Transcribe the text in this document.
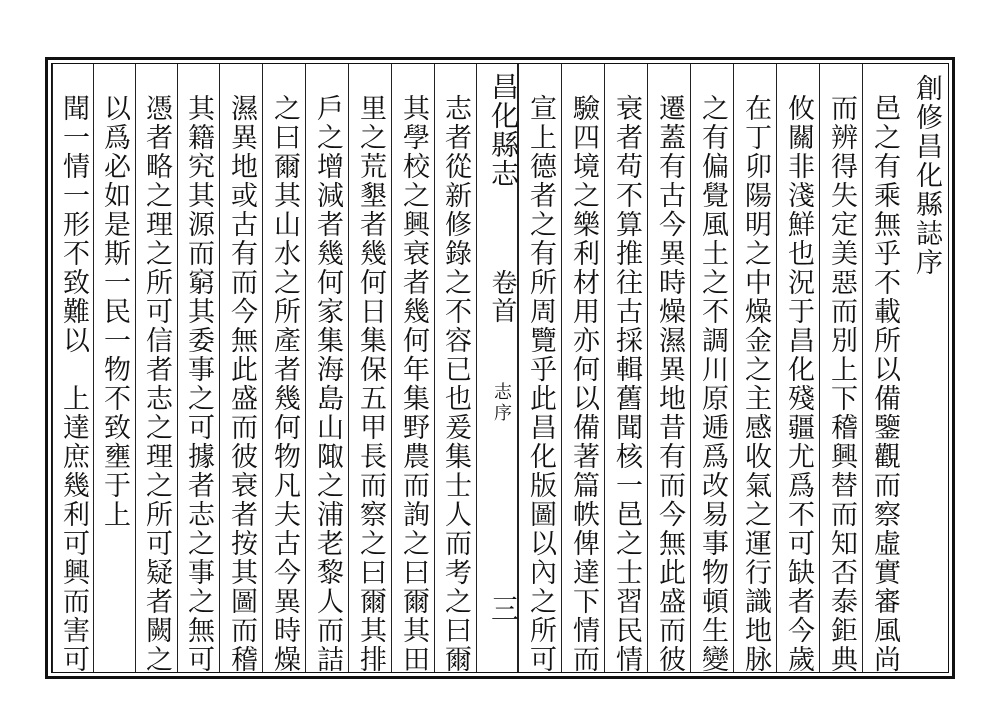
創修昌化縣誌序
邑之有乘無乎不載所以備鑒觀而察虛實審風尚
而辨得失定美惡而別上下稽興替而知否泰鉅典
攸關非淺鮮也況于昌化殘疆尤爲不可缺者今歲
在丁卯陽明之中燥金之主感收氣之運行識地脉
之有偏覺風土之不調川原逓爲改易事物頓生變
遷蓋有古今異時燥濕異地昔有而今無此盛而彼
衰者苟不算推往古採輯舊聞核一邑之士習民情
驗四境之樂利材用亦何以備著篇帙俾達下情而
宣上德者之有所周覽乎此昌化版圖以內之所可
昌化縣志
卷首
志序
三
志者從新修錄之不容已也爰集士人而考之曰爾
其學校之興衰者幾何年集野農而詢之曰爾其田
里之荒墾者幾何日集保五甲長而察之曰爾其排
戶之增減者幾何家集海島山陬之浦老黎人而詰
之曰爾其山水之所產者幾何物凡夫古今異時燥
濕異地或古有而今無此盛而彼衰者按其圖而稽
其籍究其源而窮其委事之可據者志之事之無可
憑者略之理之所可信者志之理之所可疑者闕之
以爲必如是斯一民一物不致壅于上
聞一情一形不致難以　上達庶幾利可興而害可
